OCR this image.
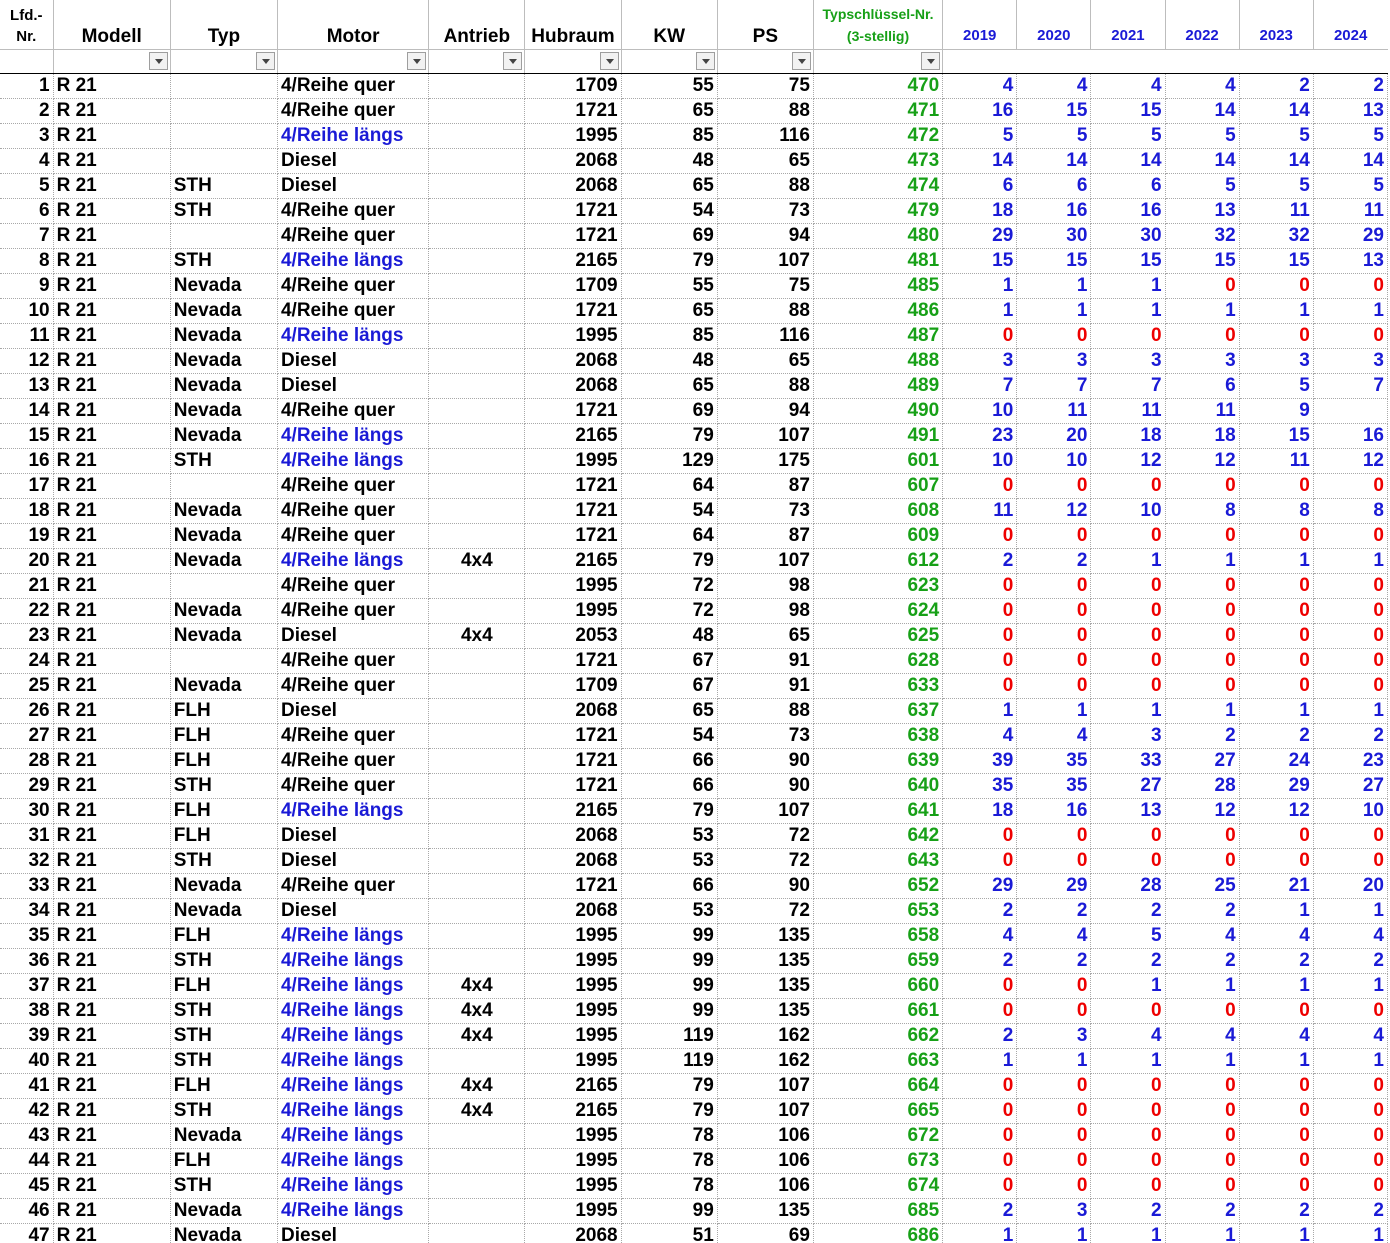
Lfd.-Nr.	Modell	Typ	Motor	Antrieb	Hubraum	KW	PS	Typschlüssel-Nr. (3-stellig)	2019	2020	2021	2022	2023	2024

1	R 21		4/Reihe quer		1709	55	75	470	4	4	4	4	2	2
2	R 21		4/Reihe quer		1721	65	88	471	16	15	15	14	14	13
3	R 21		4/Reihe längs		1995	85	116	472	5	5	5	5	5	5
4	R 21		Diesel		2068	48	65	473	14	14	14	14	14	14
5	R 21	STH	Diesel		2068	65	88	474	6	6	6	5	5	5
6	R 21	STH	4/Reihe quer		1721	54	73	479	18	16	16	13	11	11
7	R 21		4/Reihe quer		1721	69	94	480	29	30	30	32	32	29
8	R 21	STH	4/Reihe längs		2165	79	107	481	15	15	15	15	15	13
9	R 21	Nevada	4/Reihe quer		1709	55	75	485	1	1	1	0	0	0
10	R 21	Nevada	4/Reihe quer		1721	65	88	486	1	1	1	1	1	1
11	R 21	Nevada	4/Reihe längs		1995	85	116	487	0	0	0	0	0	0
12	R 21	Nevada	Diesel		2068	48	65	488	3	3	3	3	3	3
13	R 21	Nevada	Diesel		2068	65	88	489	7	7	7	6	5	7
14	R 21	Nevada	4/Reihe quer		1721	69	94	490	10	11	11	11	9	
15	R 21	Nevada	4/Reihe längs		2165	79	107	491	23	20	18	18	15	16
16	R 21	STH	4/Reihe längs		1995	129	175	601	10	10	12	12	11	12
17	R 21		4/Reihe quer		1721	64	87	607	0	0	0	0	0	0
18	R 21	Nevada	4/Reihe quer		1721	54	73	608	11	12	10	8	8	8
19	R 21	Nevada	4/Reihe quer		1721	64	87	609	0	0	0	0	0	0
20	R 21	Nevada	4/Reihe längs	4x4	2165	79	107	612	2	2	1	1	1	1
21	R 21		4/Reihe quer		1995	72	98	623	0	0	0	0	0	0
22	R 21	Nevada	4/Reihe quer		1995	72	98	624	0	0	0	0	0	0
23	R 21	Nevada	Diesel	4x4	2053	48	65	625	0	0	0	0	0	0
24	R 21		4/Reihe quer		1721	67	91	628	0	0	0	0	0	0
25	R 21	Nevada	4/Reihe quer		1709	67	91	633	0	0	0	0	0	0
26	R 21	FLH	Diesel		2068	65	88	637	1	1	1	1	1	1
27	R 21	FLH	4/Reihe quer		1721	54	73	638	4	4	3	2	2	2
28	R 21	FLH	4/Reihe quer		1721	66	90	639	39	35	33	27	24	23
29	R 21	STH	4/Reihe quer		1721	66	90	640	35	35	27	28	29	27
30	R 21	FLH	4/Reihe längs		2165	79	107	641	18	16	13	12	12	10
31	R 21	FLH	Diesel		2068	53	72	642	0	0	0	0	0	0
32	R 21	STH	Diesel		2068	53	72	643	0	0	0	0	0	0
33	R 21	Nevada	4/Reihe quer		1721	66	90	652	29	29	28	25	21	20
34	R 21	Nevada	Diesel		2068	53	72	653	2	2	2	2	1	1
35	R 21	FLH	4/Reihe längs		1995	99	135	658	4	4	5	4	4	4
36	R 21	STH	4/Reihe längs		1995	99	135	659	2	2	2	2	2	2
37	R 21	FLH	4/Reihe längs	4x4	1995	99	135	660	0	0	1	1	1	1
38	R 21	STH	4/Reihe längs	4x4	1995	99	135	661	0	0	0	0	0	0
39	R 21	STH	4/Reihe längs	4x4	1995	119	162	662	2	3	4	4	4	4
40	R 21	STH	4/Reihe längs		1995	119	162	663	1	1	1	1	1	1
41	R 21	FLH	4/Reihe längs	4x4	2165	79	107	664	0	0	0	0	0	0
42	R 21	STH	4/Reihe längs	4x4	2165	79	107	665	0	0	0	0	0	0
43	R 21	Nevada	4/Reihe längs		1995	78	106	672	0	0	0	0	0	0
44	R 21	FLH	4/Reihe längs		1995	78	106	673	0	0	0	0	0	0
45	R 21	STH	4/Reihe längs		1995	78	106	674	0	0	0	0	0	0
46	R 21	Nevada	4/Reihe längs		1995	99	135	685	2	3	2	2	2	2
47	R 21	Nevada	Diesel		2068	51	69	686	1	1	1	1	1	1
